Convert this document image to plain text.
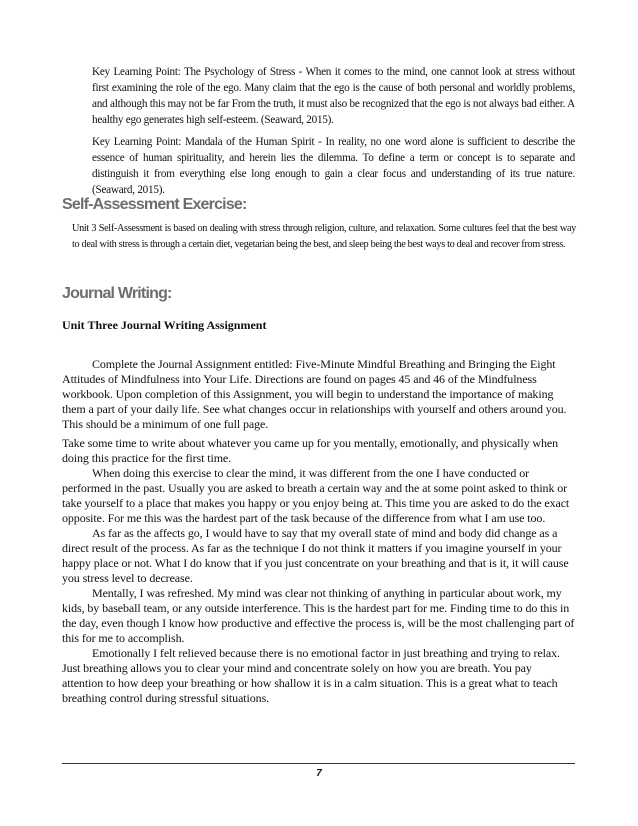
Key Learning Point: The Psychology of Stress - When it comes to the mind, one cannot look at stress without first examining the role of the ego. Many claim that the ego is the cause of both personal and worldly problems, and although this may not be far From the truth, it must also be recognized that the ego is not always bad either. A healthy ego generates high self-esteem. (Seaward, 2015).

Key Learning Point: Mandala of the Human Spirit - In reality, no one word alone is sufficient to describe the essence of human spirituality, and herein lies the dilemma. To define a term or concept is to separate and distinguish it from everything else long enough to gain a clear focus and understanding of its true nature. (Seaward, 2015).

Self-Assessment Exercise:

Unit 3 Self-Assessment is based on dealing with stress through religion, culture, and relaxation. Some cultures feel that the best way to deal with stress is through a certain diet, vegetarian being the best, and sleep being the best ways to deal and recover from stress.

Journal Writing:

Unit Three Journal Writing Assignment

Complete the Journal Assignment entitled: Five-Minute Mindful Breathing and Bringing the Eight Attitudes of Mindfulness into Your Life. Directions are found on pages 45 and 46 of the Mindfulness workbook. Upon completion of this Assignment, you will begin to understand the importance of making them a part of your daily life. See what changes occur in relationships with yourself and others around you. This should be a minimum of one full page.

Take some time to write about whatever you came up for you mentally, emotionally, and physically when doing this practice for the first time.

When doing this exercise to clear the mind, it was different from the one I have conducted or performed in the past. Usually you are asked to breath a certain way and the at some point asked to think or take yourself to a place that makes you happy or you enjoy being at. This time you are asked to do the exact opposite. For me this was the hardest part of the task because of the difference from what I am use too.

As far as the affects go, I would have to say that my overall state of mind and body did change as a direct result of the process. As far as the technique I do not think it matters if you imagine yourself in your happy place or not. What I do know that if you just concentrate on your breathing and that is it, it will cause you stress level to decrease.

Mentally, I was refreshed. My mind was clear not thinking of anything in particular about work, my kids, by baseball team, or any outside interference. This is the hardest part for me. Finding time to do this in the day, even though I know how productive and effective the process is, will be the most challenging part of this for me to accomplish.

Emotionally I felt relieved because there is no emotional factor in just breathing and trying to relax. Just breathing allows you to clear your mind and concentrate solely on how you are breath. You pay attention to how deep your breathing or how shallow it is in a calm situation. This is a great what to teach breathing control during stressful situations.

7
